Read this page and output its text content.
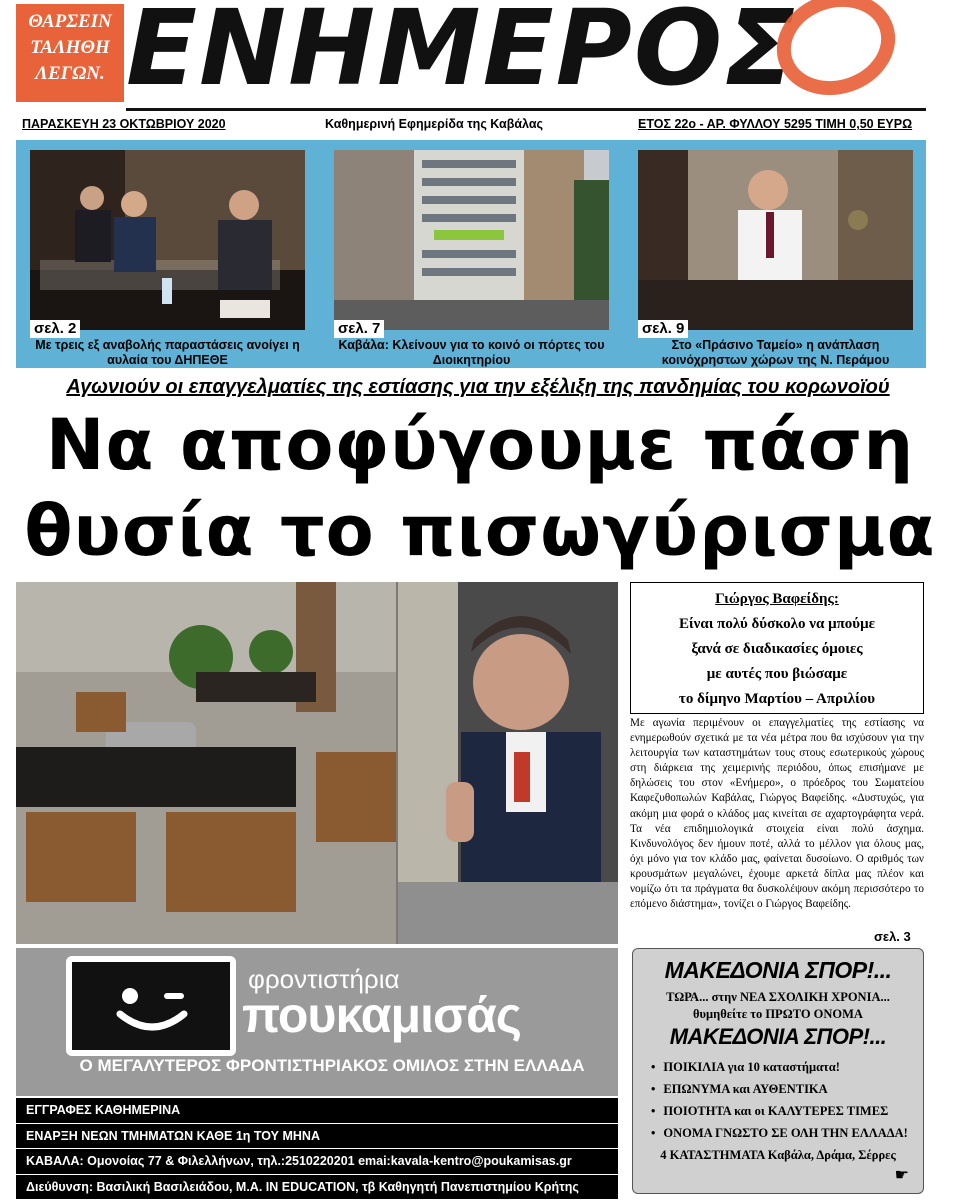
ΘΑΡΣΕΙΝ
ΤΑΛΗΘΗ
ΛΕΓΩΝ. ΕΝΗΜΕΡΟΣ
ΠΑΡΑΣΚΕΥΗ 23 ΟΚΤΩΒΡΙΟΥ 2020	Καθημερινή Εφημερίδα της Καβάλας	ΕΤΟΣ 22ο - ΑΡ. ΦΥΛΛΟΥ 5295 ΤΙΜΗ 0,50 ΕΥΡΩ
σελ. 2
Με τρεις εξ αναβολής παραστάσεις ανοίγει η αυλαία του ΔΗΠΕΘΕ
σελ. 7
Καβάλα: Κλείνουν για το κοινό οι πόρτες του Διοικητηρίου
σελ. 9
Στο «Πράσινο Ταμείο» η ανάπλαση κοινόχρηστων χώρων της Ν. Περάμου
Αγωνιούν οι επαγγελματίες της εστίασης για την εξέλιξη της πανδημίας του κορωνοϊού
Να αποφύγουμε πάση
θυσία το πισωγύρισμα
Γιώργος Βαφείδης:
Είναι πολύ δύσκολο να μπούμε
ξανά σε διαδικασίες όμοιες
με αυτές που βιώσαμε
το δίμηνο Μαρτίου – Απριλίου
Με αγωνία περιμένουν οι επαγγελματίες της εστίασης να ενημερωθούν σχετικά με τα νέα μέτρα που θα ισχύσουν για την λειτουργία των καταστημάτων τους στους εσωτερικούς χώρους στη διάρκεια της χειμερινής περιόδου, όπως επισήμανε με δηλώσεις του στον «Ενήμερο», ο πρόεδρος του Σωματείου Καφεζυθοπωλών Καβάλας, Γιώργος Βαφείδης. «Δυστυχώς, για ακόμη μια φορά ο κλάδος μας κινείται σε αχαρτογράφητα νερά. Τα νέα επιδημιολογικά στοιχεία είναι πολύ άσχημα. Κινδυνολόγος δεν ήμουν ποτέ, αλλά το μέλλον για όλους μας, όχι μόνο για τον κλάδο μας, φαίνεται δυσοίωνο. Ο αριθμός των κρουσμάτων μεγαλώνει, έχουμε αρκετά δίπλα μας πλέον και νομίζω ότι τα πράγματα θα δυσκολέψουν ακόμη περισσότερο το επόμενο διάστημα», τονίζει ο Γιώργος Βαφείδης.
σελ. 3
φροντιστήρια
πουκαμισάς
Ο ΜΕΓΑΛΥΤΕΡΟΣ ΦΡΟΝΤΙΣΤΗΡΙΑΚΟΣ ΟΜΙΛΟΣ ΣΤΗΝ ΕΛΛΑΔΑ
ΕΓΓΡΑΦΕΣ ΚΑΘΗΜΕΡΙΝΑ
ΕΝΑΡΞΗ ΝΕΩΝ ΤΜΗΜΑΤΩΝ ΚΑΘΕ 1η ΤΟΥ ΜΗΝΑ
ΚΑΒΑΛΑ: Ομονοίας 77 & Φιλελλήνων, τηλ.:2510220201 emai:kavala-kentro@poukamisas.gr
Διεύθυνση: Βασιλική Βασιλειάδου, Μ.Α. IN EDUCATION, τβ Καθηγητή Πανεπιστημίου Κρήτης
ΜΑΚΕΔΟΝΙΑ ΣΠΟΡ!...
ΤΩΡΑ... στην ΝΕΑ ΣΧΟΛΙΚΗ ΧΡΟΝΙΑ...
θυμηθείτε το ΠΡΩΤΟ ΟΝΟΜΑ
ΜΑΚΕΔΟΝΙΑ ΣΠΟΡ!...
• ΠΟΙΚΙΛΙΑ για 10 καταστήματα!
• ΕΠΩΝΥΜΑ και ΑΥΘΕΝΤΙΚΑ
• ΠΟΙΟΤΗΤΑ και οι ΚΑΛΥΤΕΡΕΣ ΤΙΜΕΣ
• ΟΝΟΜΑ ΓΝΩΣΤΟ ΣΕ ΟΛΗ ΤΗΝ ΕΛΛΑΔΑ!
4 ΚΑΤΑΣΤΗΜΑΤΑ Καβάλα, Δράμα, Σέρρες
☛
